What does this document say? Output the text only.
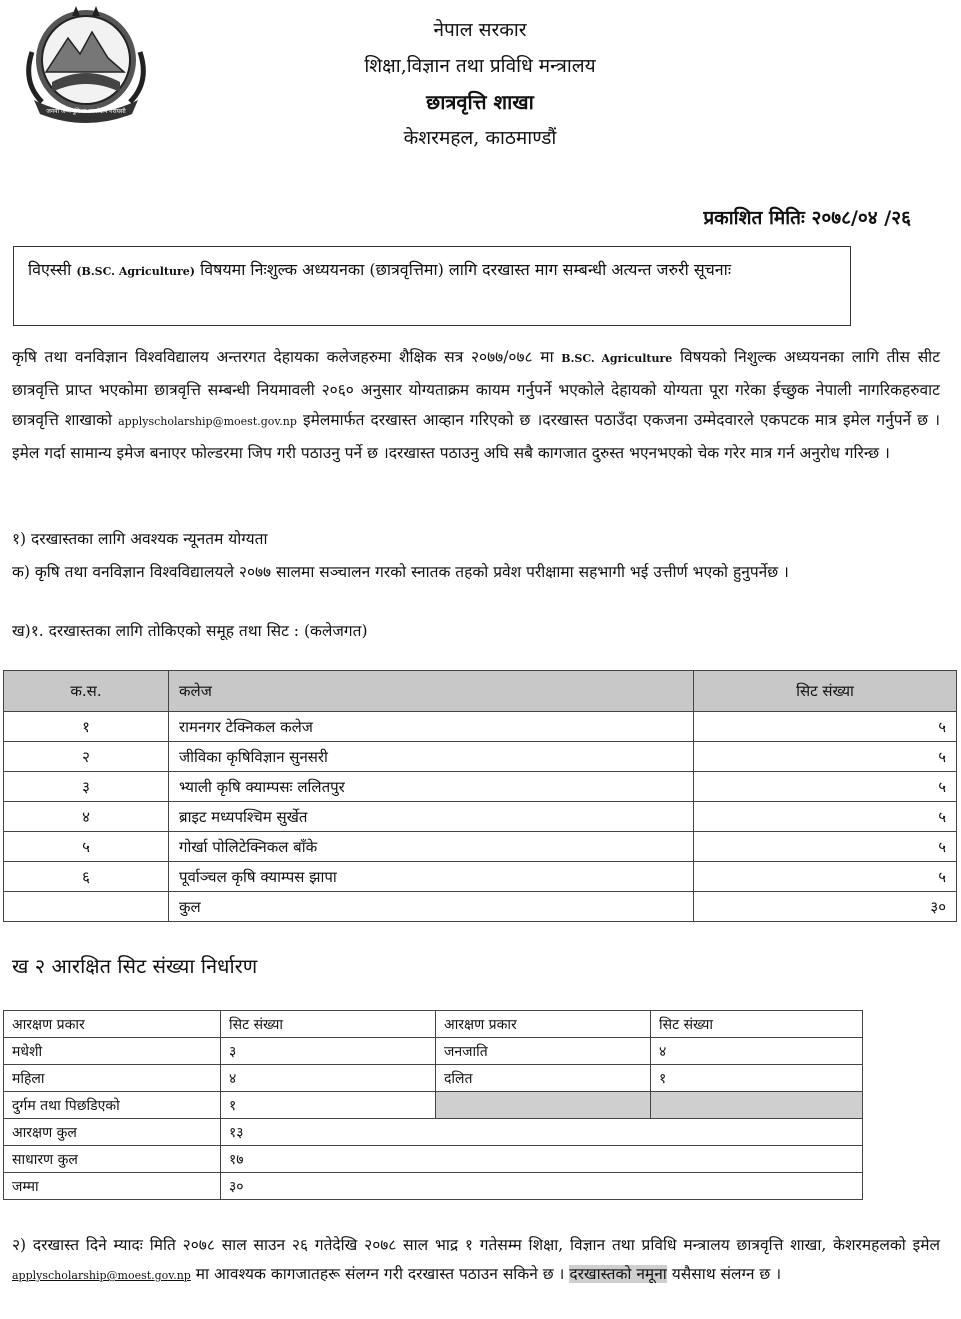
जननी जन्मभूमिश्च स्वर्गादपि गरीयसी
नेपाल सरकार
शिक्षा,विज्ञान तथा प्रविधि मन्त्रालय
छात्रवृत्ति शाखा
केशरमहल, काठमाण्डौं
प्रकाशित मितिः २०७८/०४ /२६
विएस्सी (B.SC. Agriculture) विषयमा निःशुल्क अध्ययनका (छात्रवृत्तिमा) लागि दरखास्त माग सम्बन्धी अत्यन्त जरुरी सूचनाः
कृषि तथा वनविज्ञान विश्वविद्यालय अन्तरगत देहायका कलेजहरुमा शैक्षिक सत्र २०७७/०७८ मा B.SC. Agriculture विषयको निशुल्क अध्ययनका लागि तीस सीट छात्रवृत्ति प्राप्त भएकोमा छात्रवृत्ति सम्बन्धी नियमावली २०६० अनुसार योग्यताक्रम कायम गर्नुपर्ने भएकोले देहायको योग्यता पूरा गरेका ईच्छुक नेपाली नागरिकहरुवाट छात्रवृत्ति शाखाको applyscholarship@moest.gov.np इमेलमार्फत दरखास्त आव्हान गरिएको छ ।दरखास्त पठाउँदा एकजना उम्मेदवारले एकपटक मात्र इमेल गर्नुपर्ने छ । इमेल गर्दा सामान्य इमेज बनाएर फोल्डरमा जिप गरी पठाउनु पर्ने छ ।दरखास्त पठाउनु अघि सबै कागजात दुरुस्त भएनभएको चेक गरेर मात्र गर्न अनुरोध गरिन्छ ।
१) दरखास्तका लागि अवश्यक न्यूनतम योग्यता
क) कृषि तथा वनविज्ञान विश्वविद्यालयले २०७७ सालमा सञ्चालन गरको स्नातक तहको प्रवेश परीक्षामा सहभागी भई उत्तीर्ण भएको हुनुपर्नेछ ।
ख)१. दरखास्तका लागि तोकिएको समूह तथा सिट : (कलेजगत)
क.स.	कलेज	सिट संख्या
१	रामनगर टेक्निकल कलेज	५
२	जीविका कृषिविज्ञान सुनसरी	५
३	भ्याली कृषि क्याम्पसः ललितपुर	५
४	ब्राइट मध्यपश्चिम सुर्खेत	५
५	गोर्खा पोलिटेक्निकल बाँके	५
६	पूर्वाञ्चल कृषि क्याम्पस झापा	५
	कुल	३०
ख २ आरक्षित सिट संख्या निर्धारण
आरक्षण प्रकार	सिट संख्या	आरक्षण प्रकार	सिट संख्या
मधेशी	३	जनजाति	४
महिला	४	दलित	१
दुर्गम तथा पिछडिएको	१		
आरक्षण कुल	१३		
साधारण कुल	१७		
जम्मा	३०		
२) दरखास्त दिने म्यादः मिति २०७८ साल साउन २६ गतेदेखि २०७८ साल भाद्र १ गतेसम्म शिक्षा, विज्ञान तथा प्रविधि मन्त्रालय छात्रवृत्ति शाखा, केशरमहलको इमेल applyscholarship@moest.gov.np मा आवश्यक कागजातहरू संलग्न गरी दरखास्त पठाउन सकिने छ । दरखास्तको नमूना यसैसाथ संलग्न छ ।
